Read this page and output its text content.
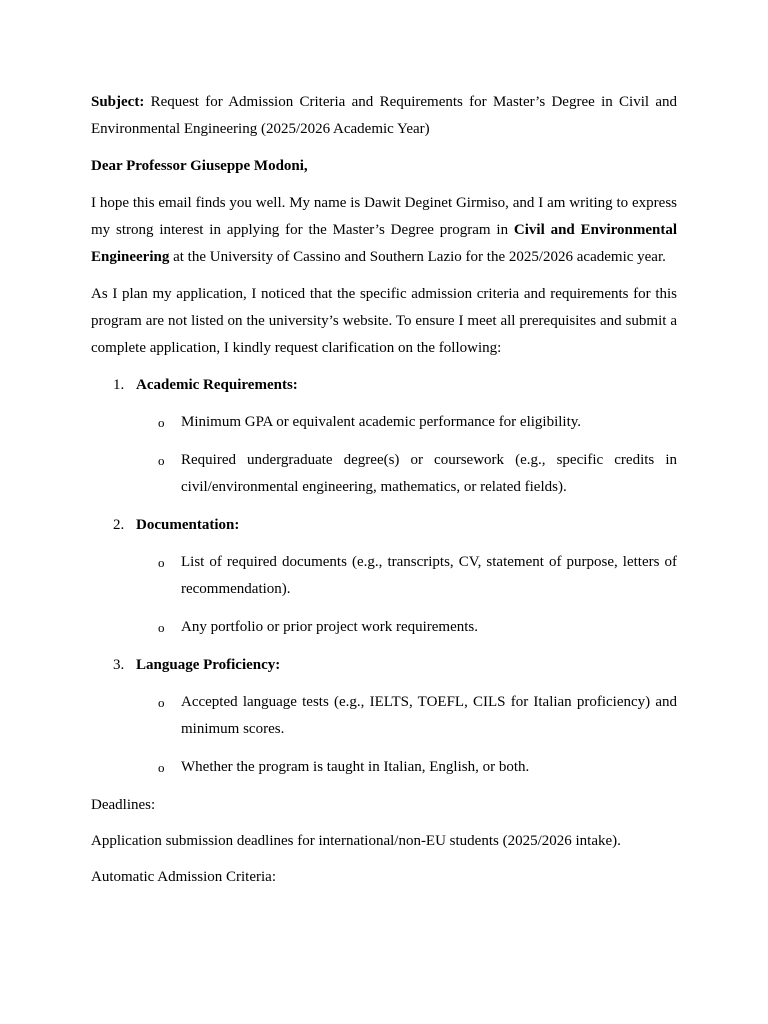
Subject: Request for Admission Criteria and Requirements for Master’s Degree in Civil and Environmental Engineering (2025/2026 Academic Year)

Dear Professor Giuseppe Modoni,

I hope this email finds you well. My name is Dawit Deginet Girmiso, and I am writing to express my strong interest in applying for the Master’s Degree program in Civil and Environmental Engineering at the University of Cassino and Southern Lazio for the 2025/2026 academic year.

As I plan my application, I noticed that the specific admission criteria and requirements for this program are not listed on the university’s website. To ensure I meet all prerequisites and submit a complete application, I kindly request clarification on the following:

1. Academic Requirements:
o	Minimum GPA or equivalent academic performance for eligibility.
o	Required undergraduate degree(s) or coursework (e.g., specific credits in civil/environmental engineering, mathematics, or related fields).
2. Documentation:
o	List of required documents (e.g., transcripts, CV, statement of purpose, letters of recommendation).
o	Any portfolio or prior project work requirements.
3. Language Proficiency:
o	Accepted language tests (e.g., IELTS, TOEFL, CILS for Italian proficiency) and minimum scores.
o	Whether the program is taught in Italian, English, or both.

Deadlines:

Application submission deadlines for international/non-EU students (2025/2026 intake).

Automatic Admission Criteria:
